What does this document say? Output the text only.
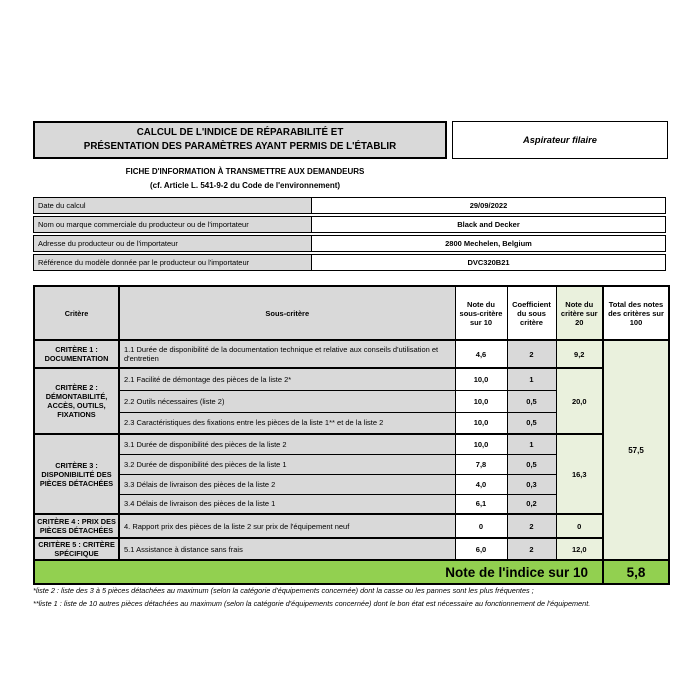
CALCUL DE L'INDICE DE RÉPARABILITÉ ET
PRÉSENTATION DES PARAMÈTRES AYANT PERMIS DE L'ÉTABLIR
Aspirateur filaire
FICHE D'INFORMATION À TRANSMETTRE AUX DEMANDEURS
(cf. Article L. 541-9-2 du Code de l'environnement)
Date du calcul	29/09/2022
Nom ou marque commerciale du producteur ou de l'importateur	Black and Decker
Adresse du producteur ou de l'importateur	2800 Mechelen, Belgium
Référence du modèle donnée par le producteur ou l'importateur	DVC320B21
Critère	Sous-critère	Note du sous-critère sur 10	Coefficient du sous critère	Note du critère sur 20	Total des notes des critères sur 100
CRITÈRE 1 : DOCUMENTATION	1.1 Durée de disponibilité de la documentation technique et relative aux conseils d'utilisation et d'entretien	4,6	2	9,2	57,5
CRITÈRE 2 : DÉMONTABILITÉ, ACCÈS, OUTILS, FIXATIONS	2.1 Facilité de démontage des pièces de la liste 2*	10,0	1	20,0	
	2.2 Outils nécessaires (liste 2)	10,0	0,5		
	2.3 Caractéristiques des fixations entre les pièces de la liste 1** et de la liste 2	10,0	0,5		
CRITÈRE 3 : DISPONIBILITÉ DES PIÈCES DÉTACHÉES	3.1 Durée de disponibilité des pièces de la liste 2	10,0	1	16,3	
	3.2 Durée de disponibilité des pièces de la liste 1	7,8	0,5		
	3.3 Délais de livraison des pièces de la liste 2	4,0	0,3		
	3.4 Délais de livraison des pièces de la liste 1	6,1	0,2		
CRITÈRE 4 : PRIX DES PIÈCES DÉTACHÉES	4. Rapport prix des pièces de la liste 2 sur prix de l'équipement neuf	0	2	0	
CRITÈRE 5 : CRITÈRE SPÉCIFIQUE	5.1 Assistance à distance sans frais	6,0	2	12,0	
Note de l'indice sur 10					5,8
*liste 2 : liste des 3 à 5 pièces détachées au maximum (selon la catégorie d'équipements concernée) dont la casse ou les pannes sont les plus fréquentes ;
**liste 1 : liste de 10 autres pièces détachées au maximum (selon la catégorie d'équipements concernée) dont le bon état est nécessaire au fonctionnement de l'équipement.
